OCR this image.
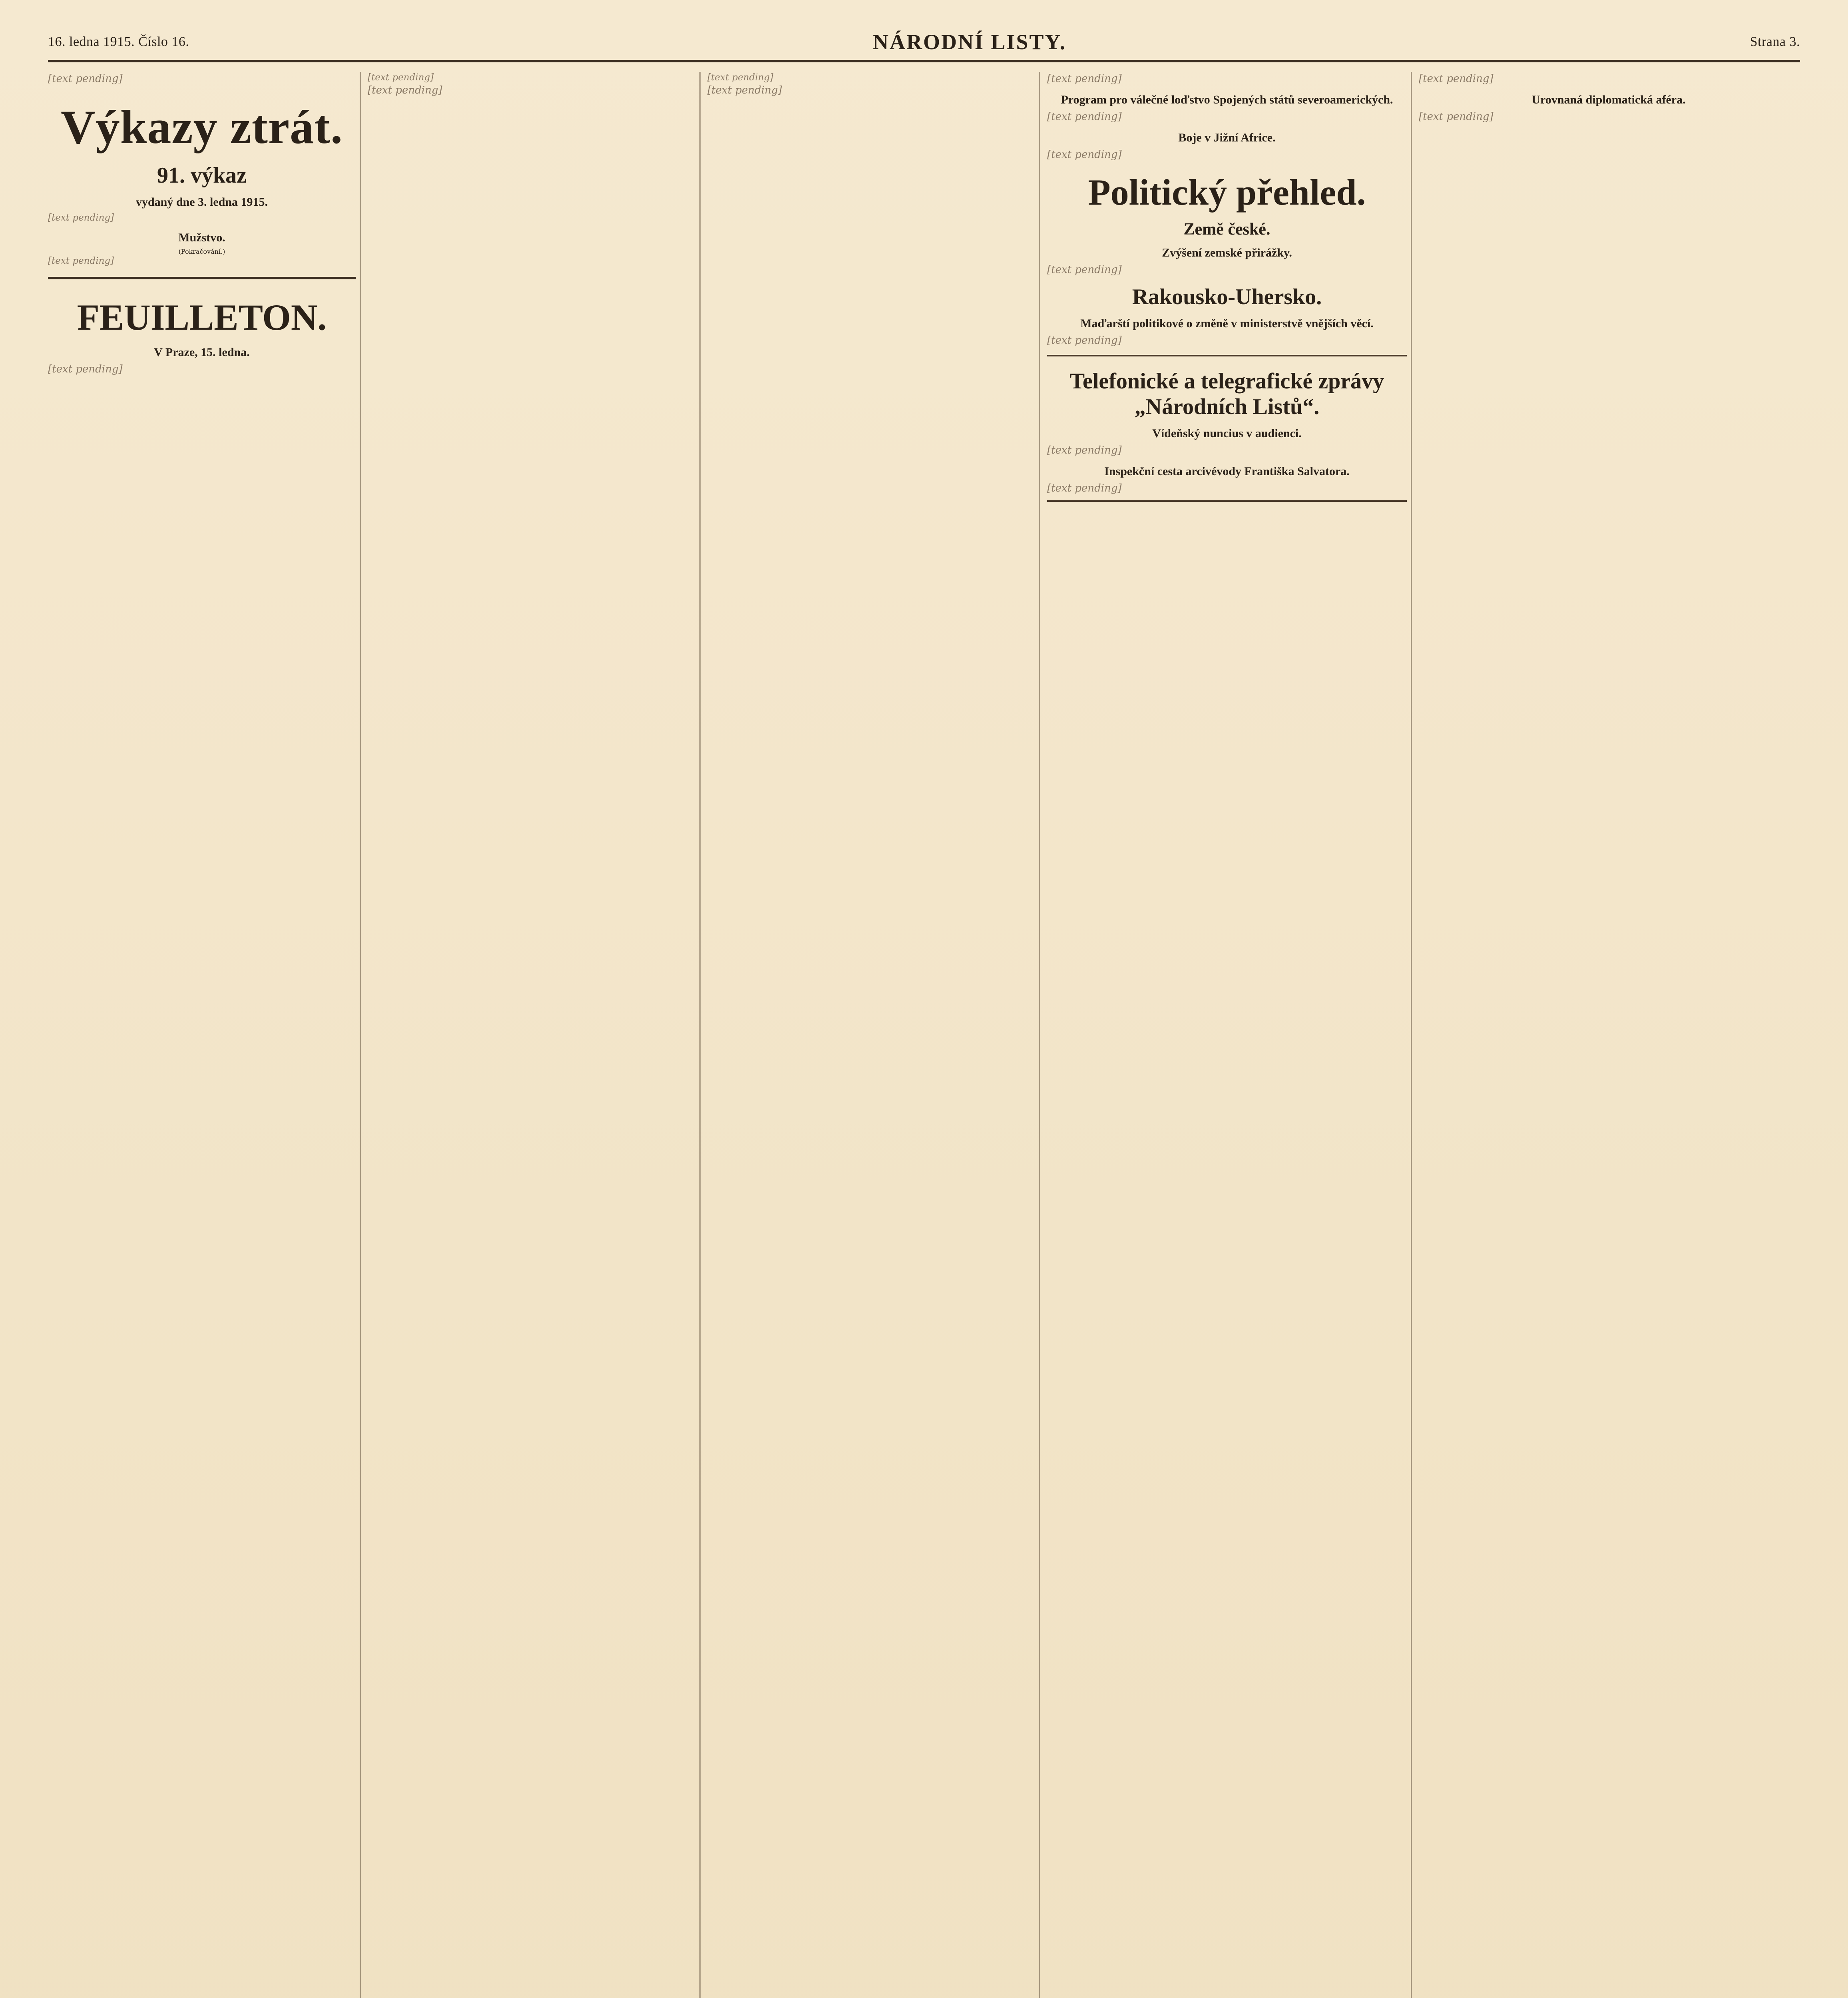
16. ledna 1915. Číslo 16.	NÁRODNÍ LISTY.	Strana 3.
[text pending]
Výkazy ztrát.
91. výkaz
vydaný dne 3. ledna 1915.
[text pending]
Mužstvo.
(Pokračování.)
[text pending]
FEUILLETON.
V Praze, 15. ledna.
[text pending]
[text pending]
[text pending]
[text pending]
[text pending]
[text pending]
Program pro válečné loďstvo Spojených států severoamerických.
[text pending]
Boje v Jižní Africe.
[text pending]
Politický přehled.
Země české.
Zvýšení zemské přirážky.
[text pending]
Rakousko-Uhersko.
Maďarští politikové o změně v ministerstvě vnějších věcí.
[text pending]
Telefonické a telegrafické zprávy „Národních Listů“.
Vídeňský nuncius v audienci.
[text pending]
Inspekční cesta arcivévody Františka Salvatora.
[text pending]
[text pending]
Urovnaná diplomatická aféra.
[text pending]
